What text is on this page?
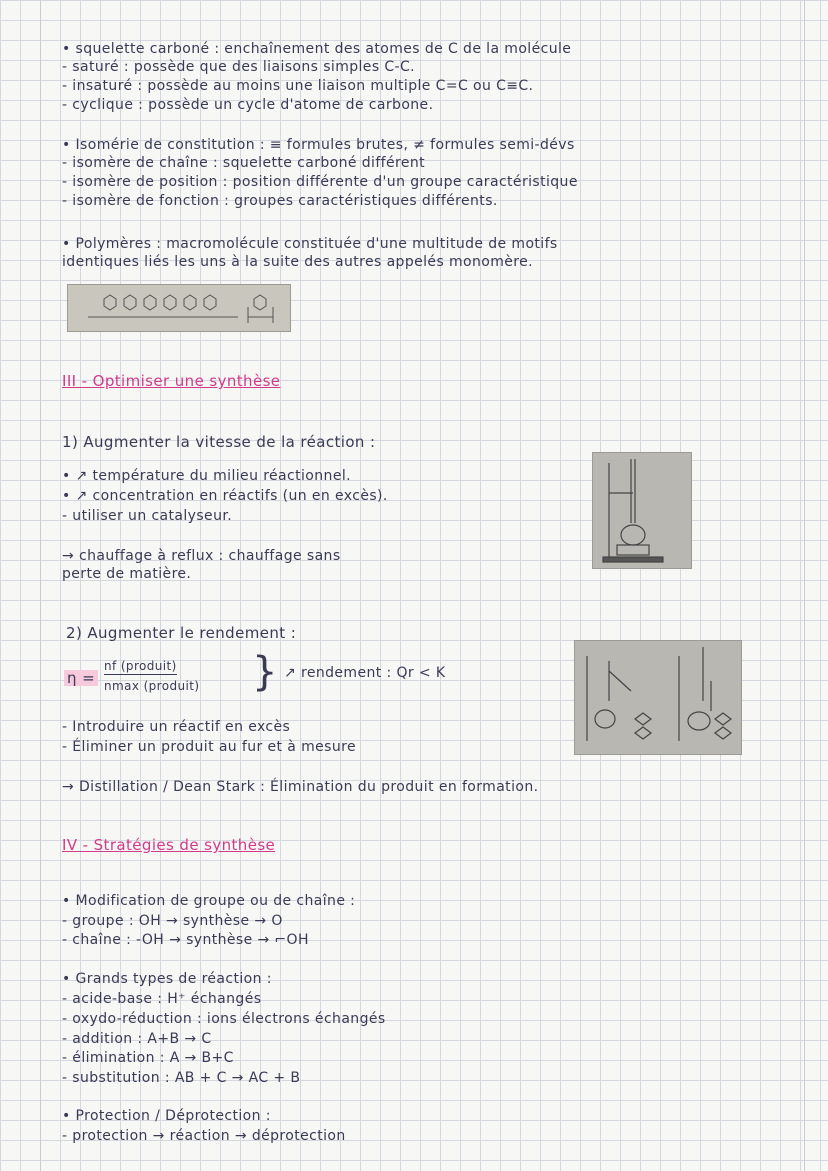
• squelette carboné : enchaînement des atomes de C de la molécule
- saturé : possède que des liaisons simples C-C.
- insaturé : possède au moins une liaison multiple C=C ou C≡C.
- cyclique : possède un cycle d'atome de carbone.
• Isomérie de constitution : ≡ formules brutes, ≠ formules semi-dévs
- isomère de chaîne : squelette carboné différent
- isomère de position : position différente d'un groupe caractéristique
- isomère de fonction : groupes caractéristiques différents.
• Polymères : macromolécule constituée d'une multitude de motifs
identiques liés les uns à la suite des autres appelés monomère.
III - Optimiser une synthèse
1) Augmenter la vitesse de la réaction :
• ↗ température du milieu réactionnel.
• ↗ concentration en réactifs (un en excès).
- utiliser un catalyseur.
→ chauffage à reflux : chauffage sans
perte de matière.
2) Augmenter le rendement :
η =
nf (produit)
nmax (produit) } ↗ rendement : Qr < K
- Introduire un réactif en excès
- Éliminer un produit au fur et à mesure
→ Distillation / Dean Stark : Élimination du produit en formation.
IV - Stratégies de synthèse
• Modification de groupe ou de chaîne :
- groupe : OH → synthèse → O
- chaîne : -OH → synthèse → ⌐OH
• Grands types de réaction :
- acide-base : H⁺ échangés
- oxydo-réduction : ions électrons échangés
- addition : A+B → C
- élimination : A → B+C
- substitution : AB + C → AC + B
• Protection / Déprotection :
- protection → réaction → déprotection
